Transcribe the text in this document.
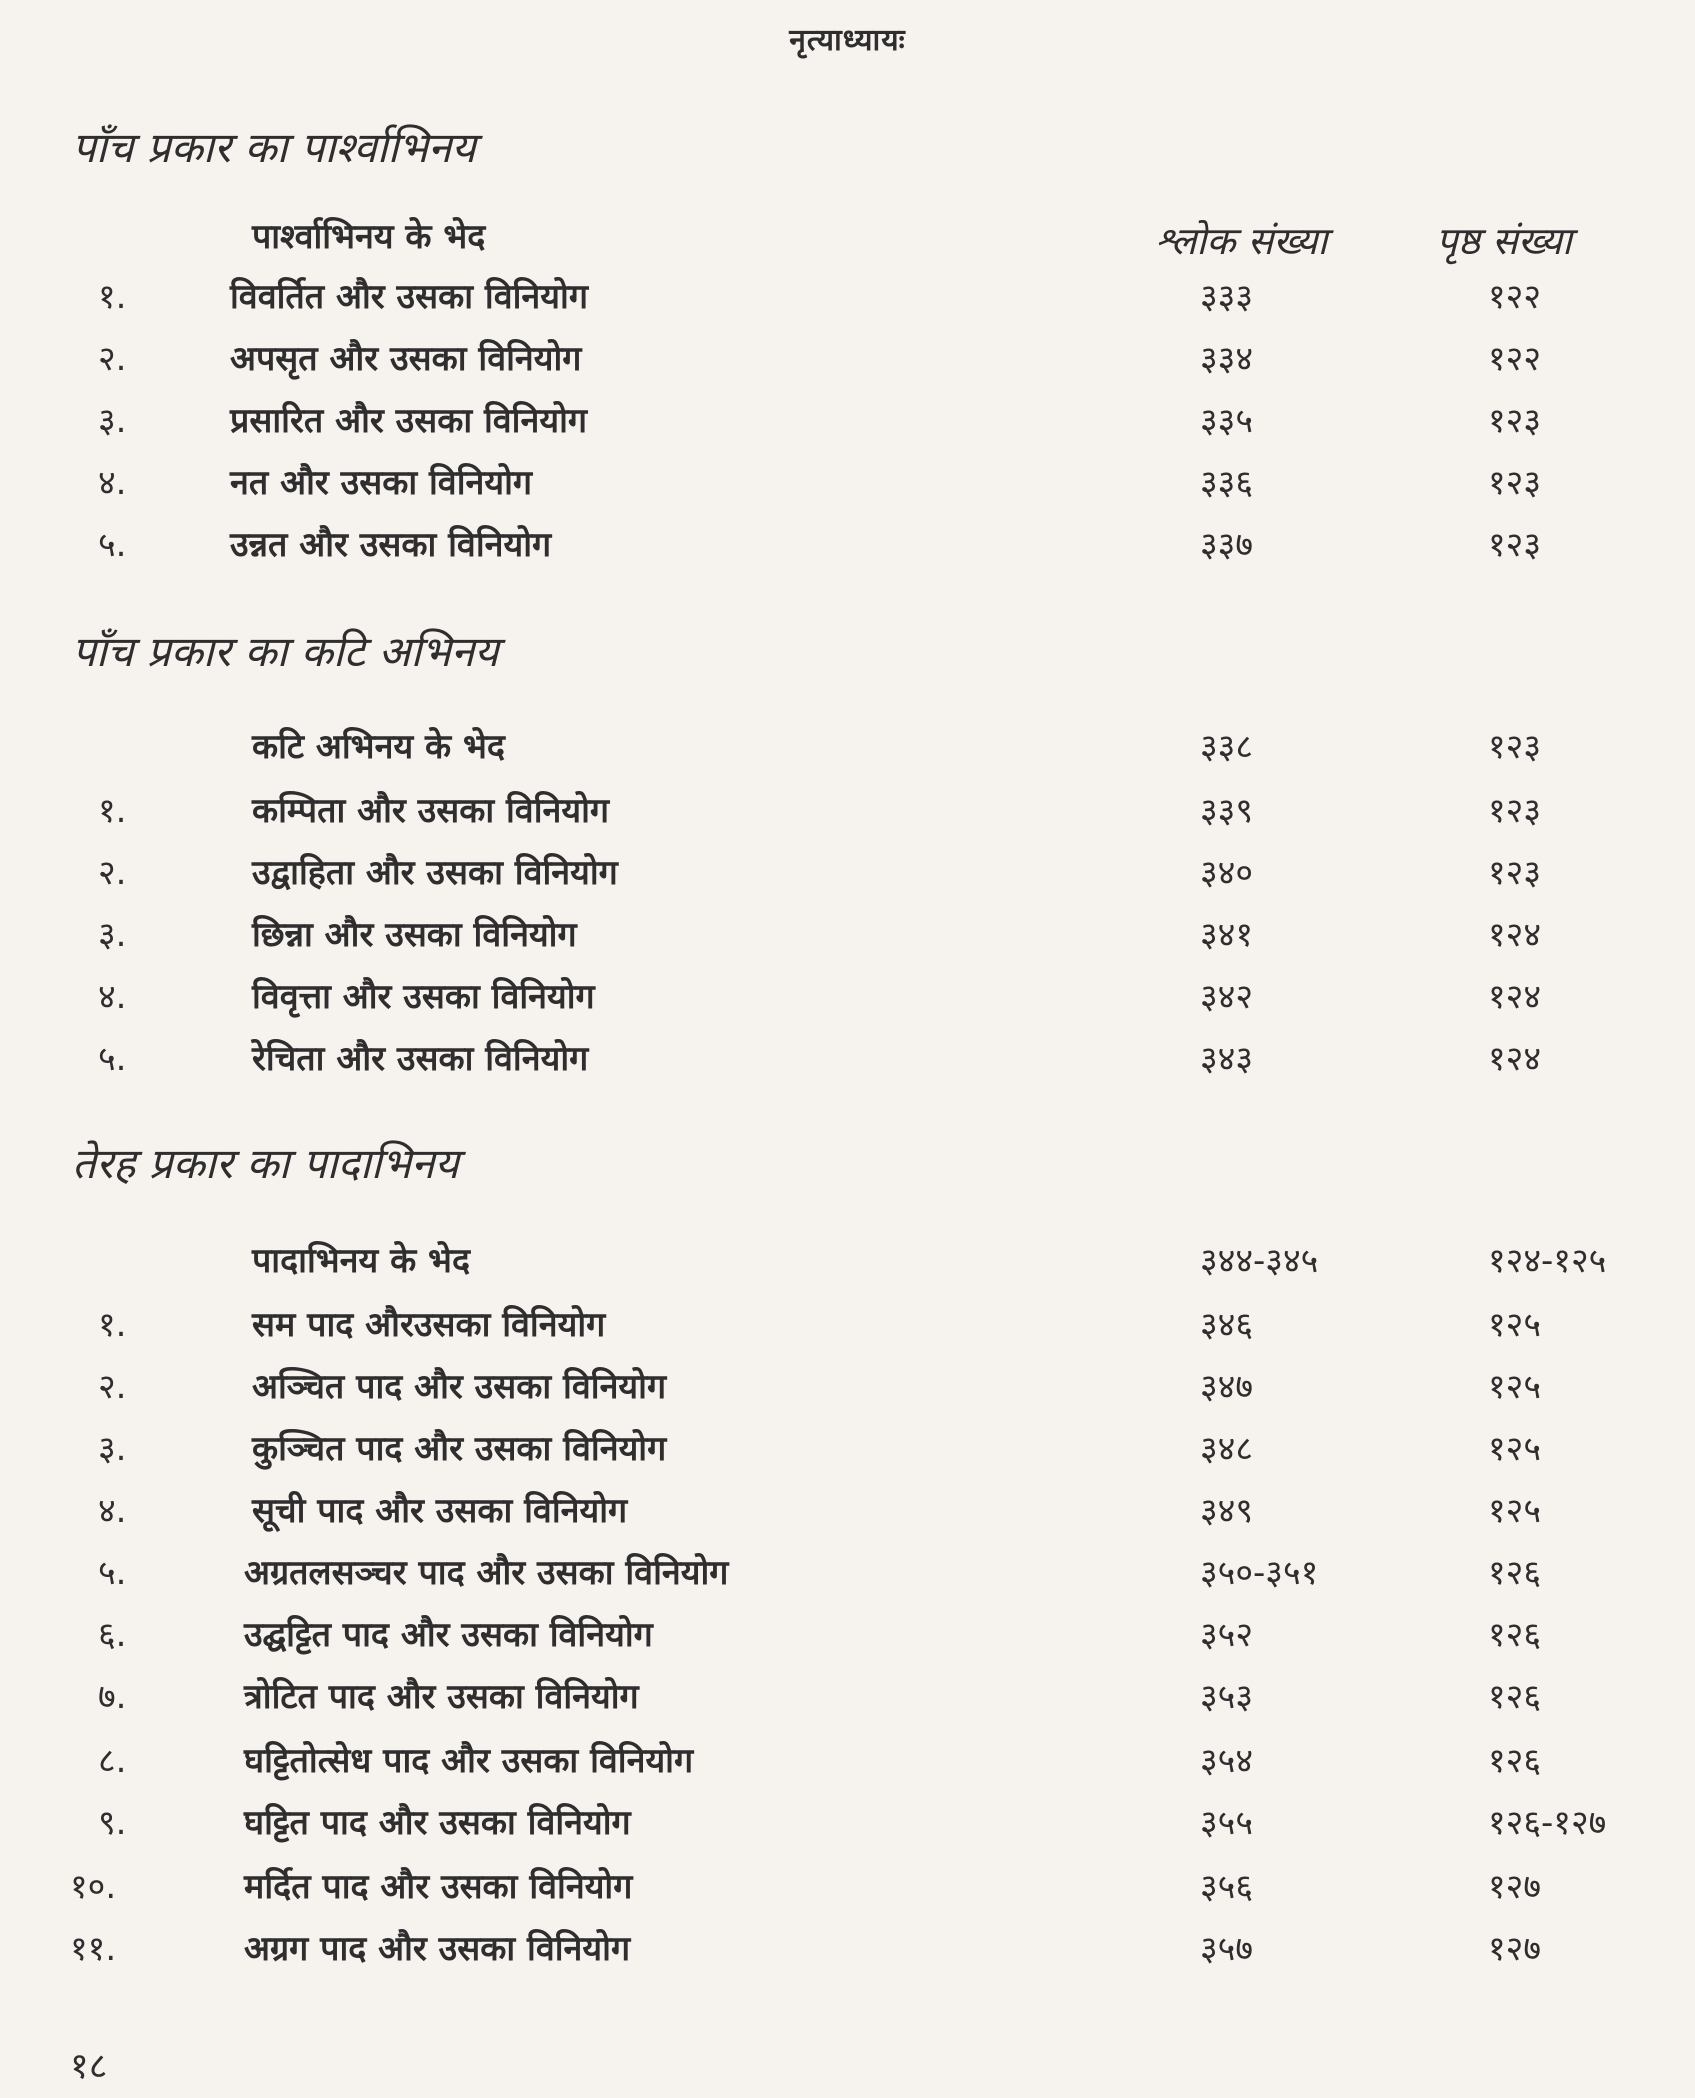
नृत्याध्यायः
पाँच प्रकार का पार्श्वाभिनय
पार्श्वाभिनय के भेद	श्लोक संख्या	पृष्ठ संख्या
१.	विवर्तित और उसका विनियोग	३३३	१२२
२.	अपसृत और उसका विनियोग	३३४	१२२
३.	प्रसारित और उसका विनियोग	३३५	१२३
४.	नत और उसका विनियोग	३३६	१२३
५.	उन्नत और उसका विनियोग	३३७	१२३
पाँच प्रकार का कटि अभिनय
कटि अभिनय के भेद	३३८	१२३
१.	कम्पिता और उसका विनियोग	३३९	१२३
२.	उद्वाहिता और उसका विनियोग	३४०	१२३
३.	छिन्ना और उसका विनियोग	३४१	१२४
४.	विवृत्ता और उसका विनियोग	३४२	१२४
५.	रेचिता और उसका विनियोग	३४३	१२४
तेरह प्रकार का पादाभिनय
पादाभिनय के भेद	३४४-३४५	१२४-१२५
१.	सम पाद औरउसका विनियोग	३४६	१२५
२.	अञ्चित पाद और उसका विनियोग	३४७	१२५
३.	कुञ्चित पाद और उसका विनियोग	३४८	१२५
४.	सूची पाद और उसका विनियोग	३४९	१२५
५.	अग्रतलसञ्चर पाद और उसका विनियोग	३५०-३५१	१२६
६.	उद्घट्टित पाद और उसका विनियोग	३५२	१२६
७.	त्रोटित पाद और उसका विनियोग	३५३	१२६
८.	घट्टितोत्सेध पाद और उसका विनियोग	३५४	१२६
९.	घट्टित पाद और उसका विनियोग	३५५	१२६-१२७
१०.	मर्दित पाद और उसका विनियोग	३५६	१२७
११.	अग्रग पाद और उसका विनियोग	३५७	१२७
१८
